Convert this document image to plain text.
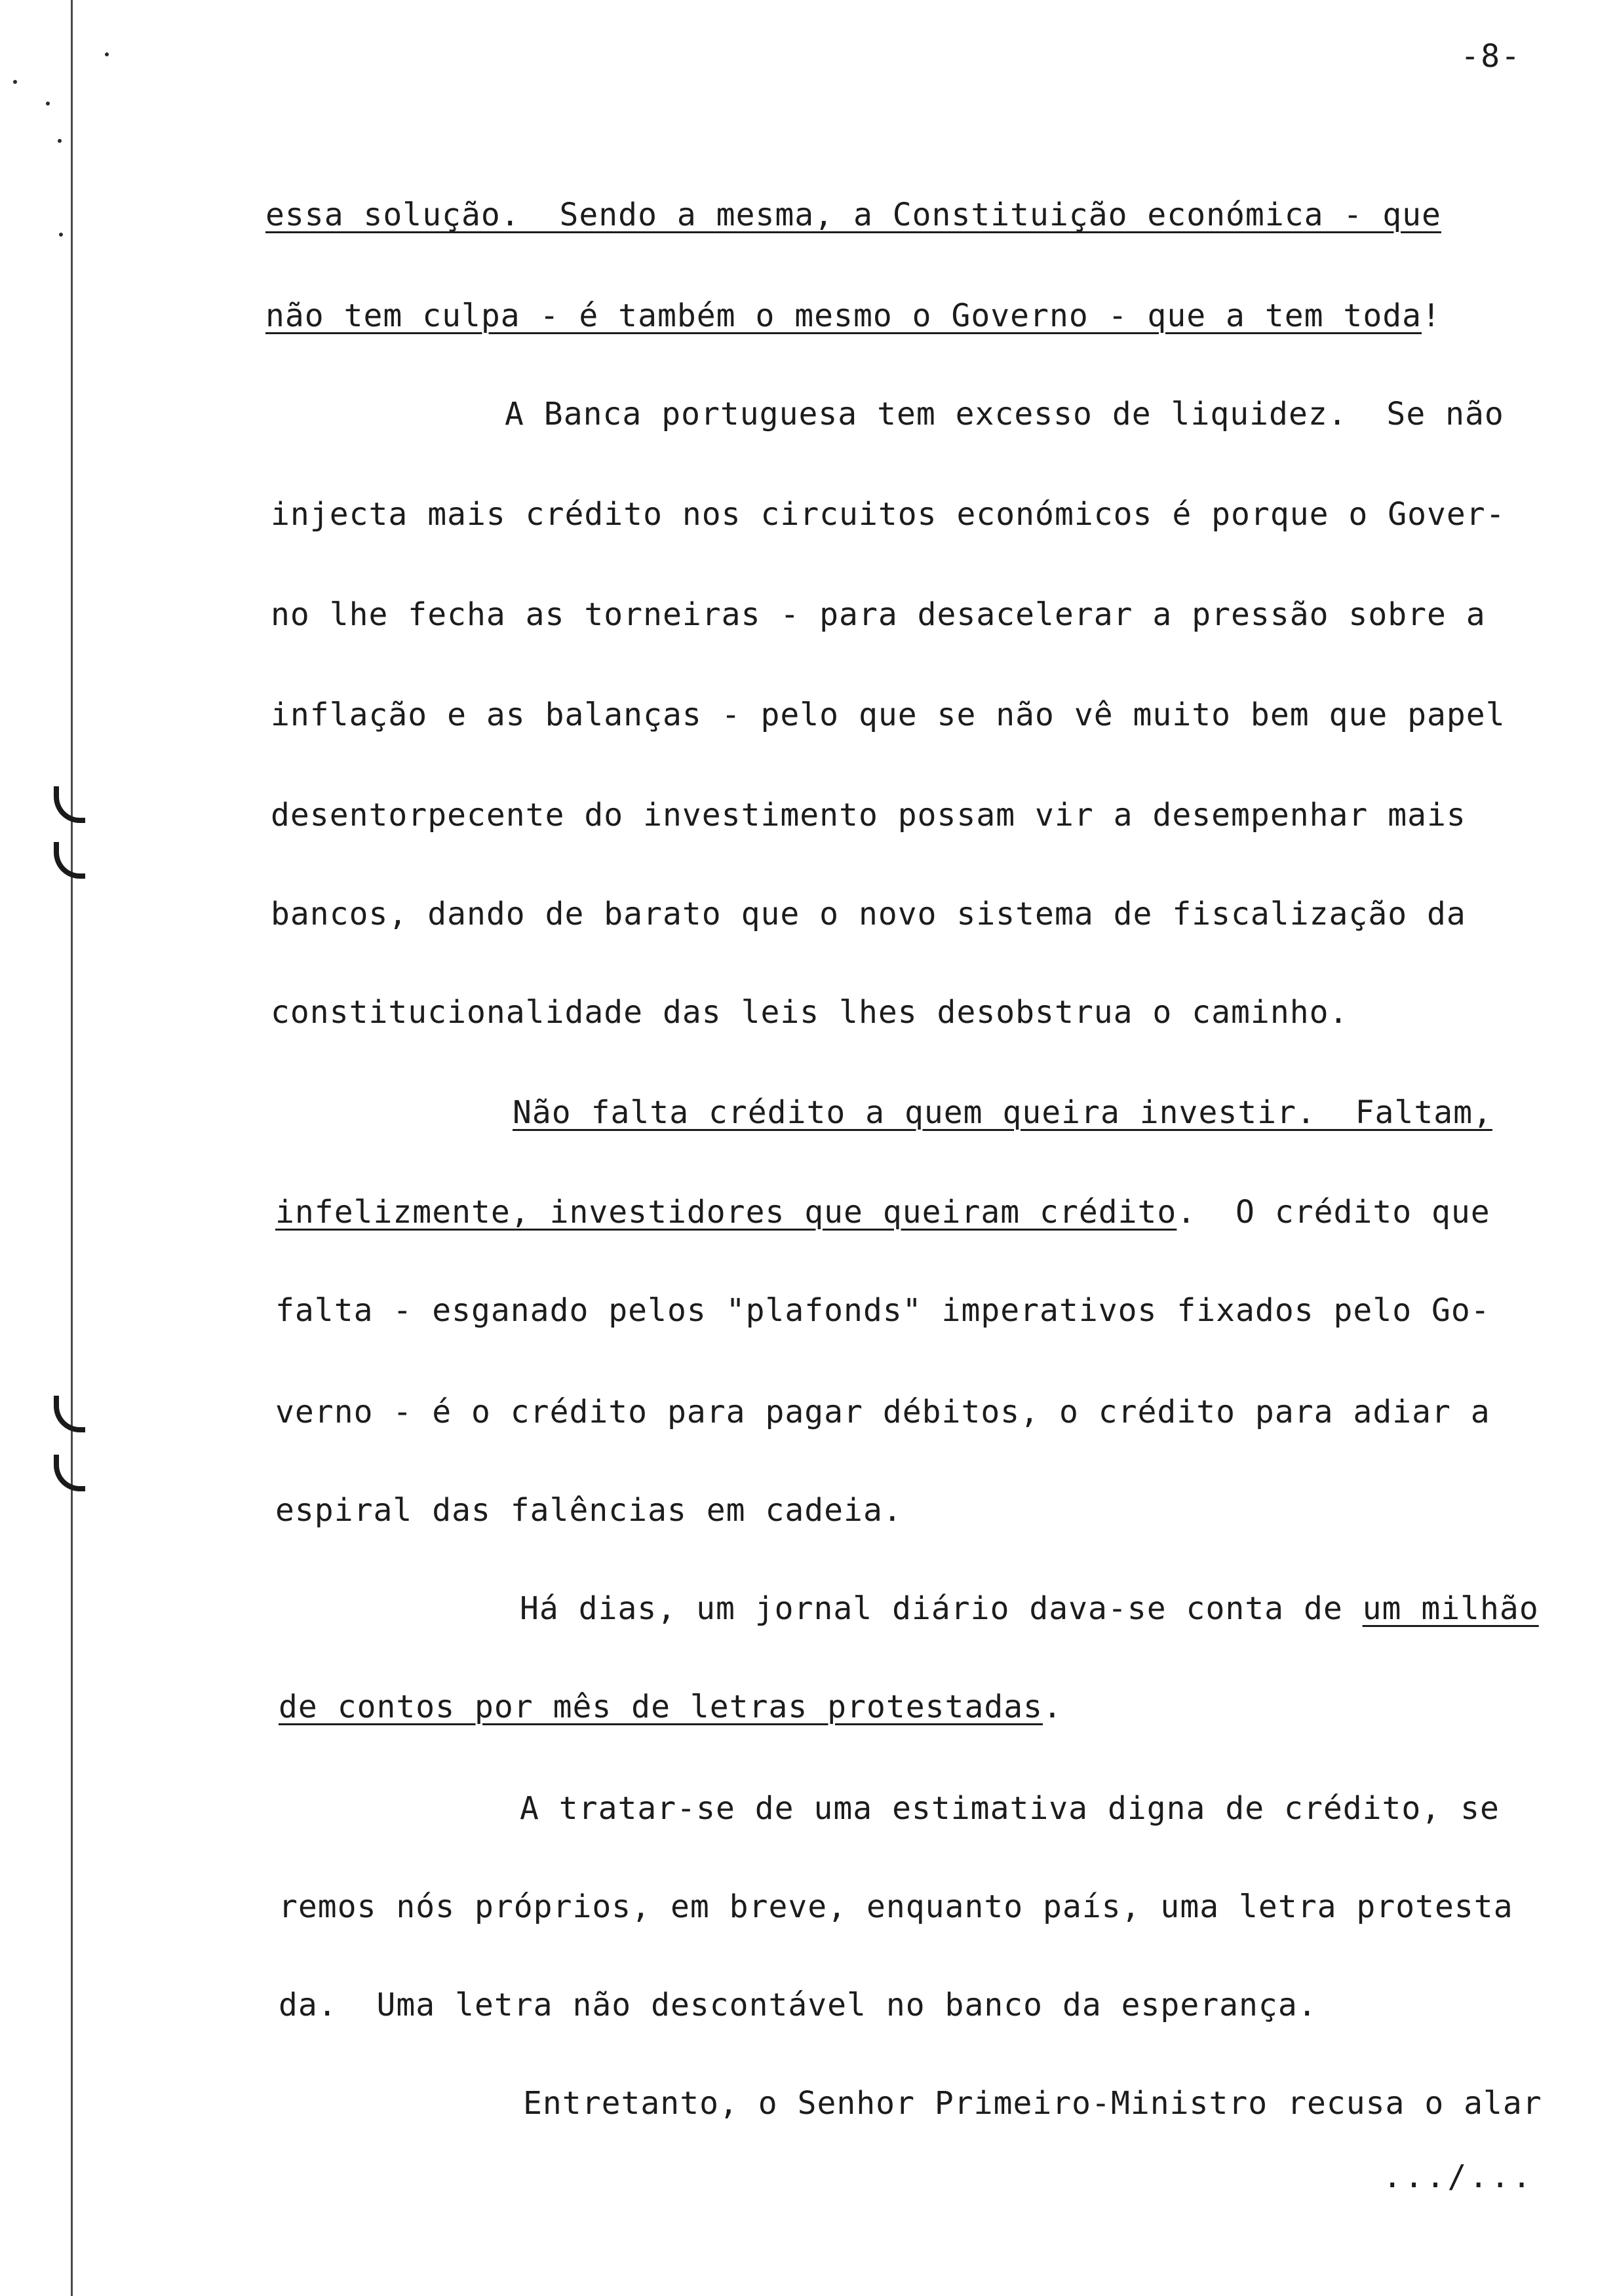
-8-
essa solução.  Sendo a mesma, a Constituição económica - que
não tem culpa - é também o mesmo o Governo - que a tem toda!
A Banca portuguesa tem excesso de liquidez.  Se não
injecta mais crédito nos circuitos económicos é porque o Gover-
no lhe fecha as torneiras - para desacelerar a pressão sobre a
inflação e as balanças - pelo que se não vê muito bem que papel
desentorpecente do investimento possam vir a desempenhar mais
bancos, dando de barato que o novo sistema de fiscalização da
constitucionalidade das leis lhes desobstrua o caminho.
Não falta crédito a quem queira investir.  Faltam,
infelizmente, investidores que queiram crédito.  O crédito que
falta - esganado pelos "plafonds" imperativos fixados pelo Go-
verno - é o crédito para pagar débitos, o crédito para adiar a
espiral das falências em cadeia.
Há dias, um jornal diário dava-se conta de um milhão
de contos por mês de letras protestadas.
A tratar-se de uma estimativa digna de crédito, se
remos nós próprios, em breve, enquanto país, uma letra protesta
da.  Uma letra não descontável no banco da esperança.
Entretanto, o Senhor Primeiro-Ministro recusa o alar
.../...
